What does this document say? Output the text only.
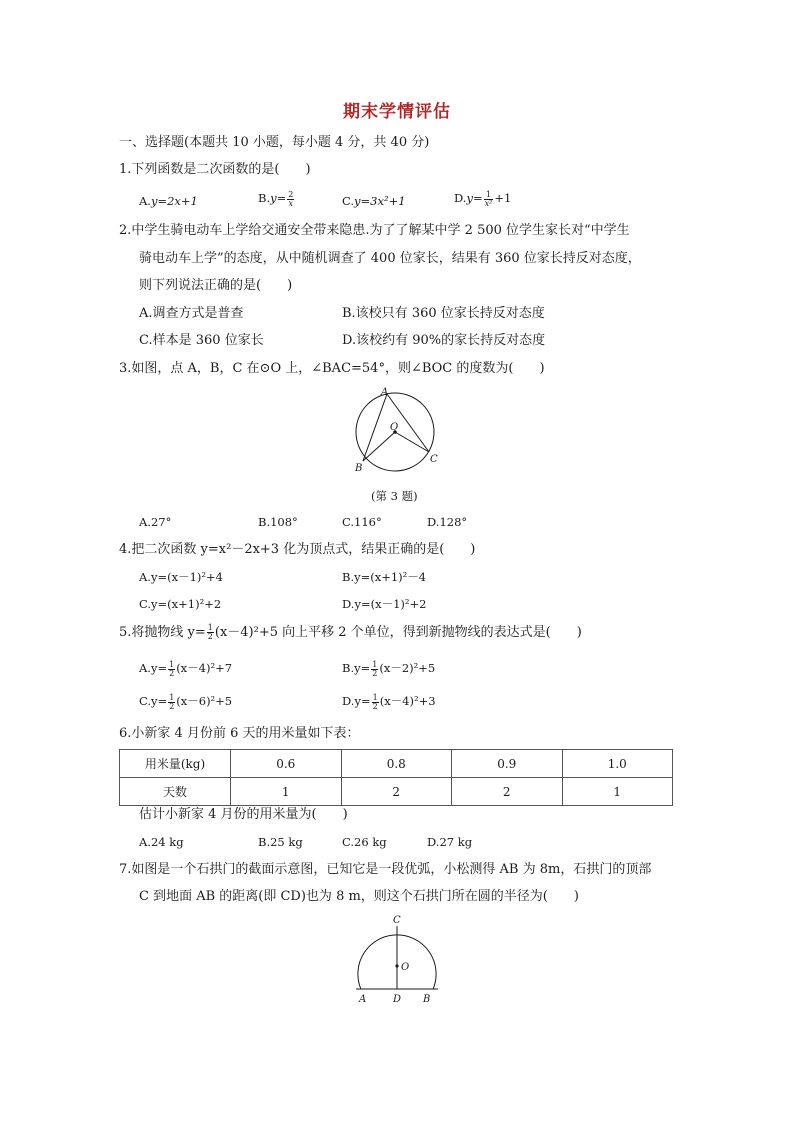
期末学情评估
一、选择题(本题共 10 小题，每小题 4 分，共 40 分)
1.下列函数是二次函数的是(　　)
A.y=2x+1	$B.y= \frac{2}{x}$	C.y=3x²+1	$D.y= \frac{1}{\text{x²}} +1$
2.中学生骑电动车上学给交通安全带来隐患.为了了解某中学 2 500 位学生家长对“中学生
骑电动车上学”的态度，从中随机调查了 400 位家长，结果有 360 位家长持反对态度，
则下列说法正确的是(　　)
A.调查方式是普查	B.该校只有 360 位家长持反对态度
C.样本是 360 位家长	D.该校约有 90%的家长持反对态度
3.如图，点 A，B，C 在⊙O 上，∠BAC=54°，则∠BOC 的度数为(　　)
A
B
C
O
(第 3 题)
A.27°	B.108°	C.116°	D.128°
4.把二次函数 y=x²－2x+3 化为顶点式，结果正确的是(　　)
A.y=(x－1)²+4	B.y=(x+1)²－4
C.y=(x+1)²+2	D.y=(x－1)²+2
5.将抛物线 $y= \frac{1}{2} (x-4)^2+5$ 向上平移 2 个单位，得到新抛物线的表达式是(　　)
$A.y= \frac{1}{2} (x-4)^2+7$	$B.y= \frac{1}{2} (x-2)^2+5$
$C.y= \frac{1}{2} (x-6)^2+5$	$D.y= \frac{1}{2} (x-4)^2+3$
6.小新家 4 月份前 6 天的用米量如下表：
用米量(kg)	0.6	0.8	0.9	1.0
天数	1	2	2	1
估计小新家 4 月份的用米量为(　　)
A.24 kg	B.25 kg	C.26 kg	D.27 kg
7.如图是一个石拱门的截面示意图，已知它是一段优弧，小松测得 AB 为 8m，石拱门的顶部
C 到地面 AB 的距离(即 CD)也为 8 m，则这个石拱门所在圆的半径为(　　)
C
O
A	D B
